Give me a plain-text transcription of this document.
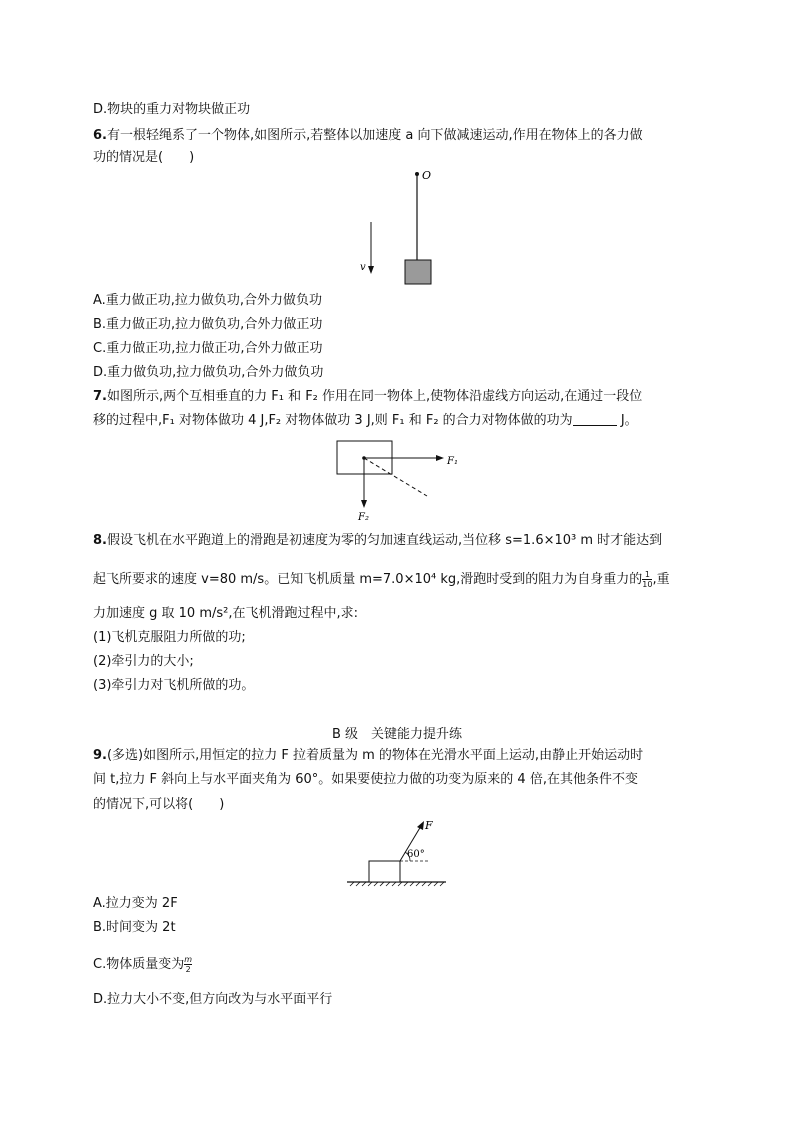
D.物块的重力对物块做正功
6.有一根轻绳系了一个物体,如图所示,若整体以加速度 a 向下做减速运动,作用在物体上的各力做
功的情况是(　　)
O
v
A.重力做正功,拉力做负功,合外力做负功
B.重力做正功,拉力做负功,合外力做正功
C.重力做正功,拉力做正功,合外力做正功
D.重力做负功,拉力做负功,合外力做负功
7.如图所示,两个互相垂直的力 F₁ 和 F₂ 作用在同一物体上,使物体沿虚线方向运动,在通过一段位
移的过程中,F₁ 对物体做功 4 J,F₂ 对物体做功 3 J,则 F₁ 和 F₂ 的合力对物体做的功为	J。
F₁
F₂
8.假设飞机在水平跑道上的滑跑是初速度为零的匀加速直线运动,当位移 s=1.6×10³ m 时才能达到
起飞所要求的速度 v=80 m/s。已知飞机质量 m=7.0×10⁴ kg,滑跑时受到的阻力为自身重力的 $\frac{1}{10}$ ,重
力加速度 g 取 10 m/s²,在飞机滑跑过程中,求:
(1)飞机克服阻力所做的功;
(2)牵引力的大小;
(3)牵引力对飞机所做的功。
B 级　关键能力提升练
9.(多选)如图所示,用恒定的拉力 F 拉着质量为 m 的物体在光滑水平面上运动,由静止开始运动时
间 t,拉力 F 斜向上与水平面夹角为 60°。如果要使拉力做的功变为原来的 4 倍,在其他条件不变
的情况下,可以将(　　)
F
60°
A.拉力变为 2F
B.时间变为 2t
C.物体质量变为 $\frac{m}{2}$
D.拉力大小不变,但方向改为与水平面平行
